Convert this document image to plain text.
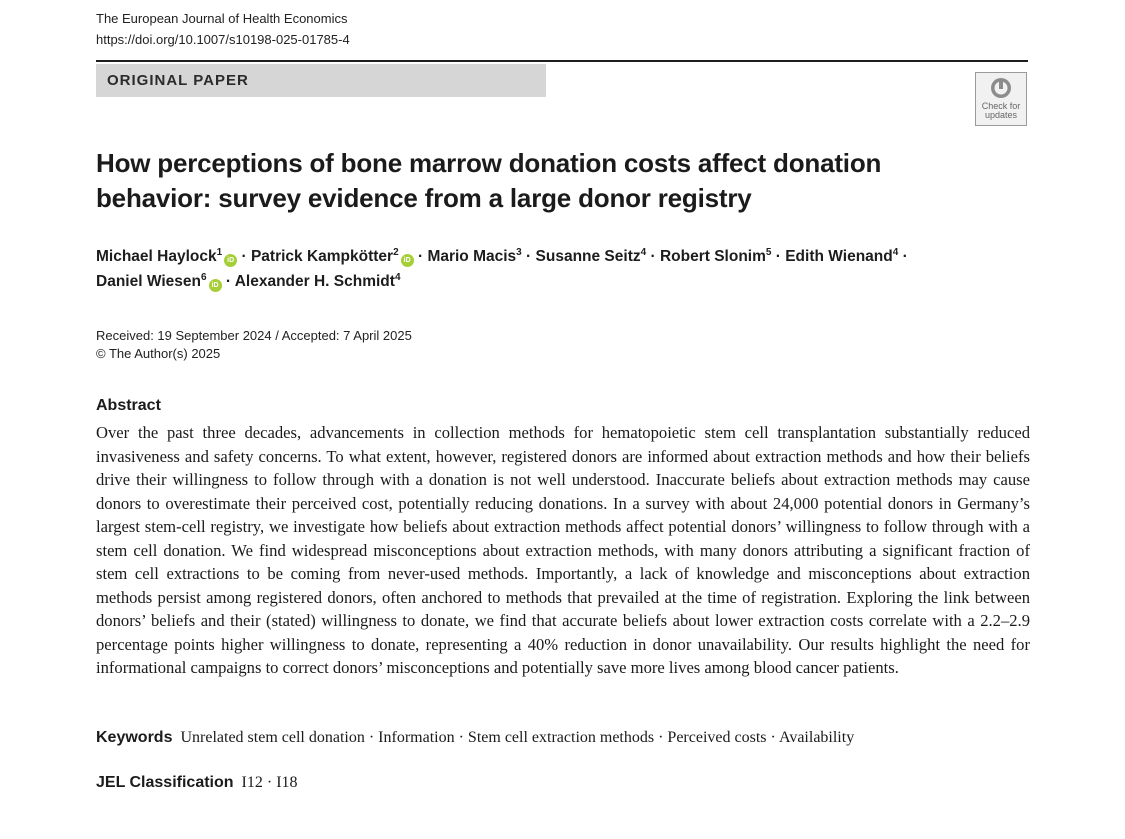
The European Journal of Health Economics
https://doi.org/10.1007/s10198-025-01785-4
ORIGINAL PAPER
Check for
updates
How perceptions of bone marrow donation costs affect donation behavior: survey evidence from a large donor registry
Michael Haylock$^1$iD · Patrick Kampkötter$^2$iD · Mario Macis$^3$ · Susanne Seitz$^4$ · Robert Slonim$^5$ · Edith Wienand$^4$ ·
Daniel Wiesen$^6$iD · Alexander H. Schmidt$^4$
Received: 19 September 2024 / Accepted: 7 April 2025
© The Author(s) 2025
Abstract
Over the past three decades, advancements in collection methods for hematopoietic stem cell transplantation substantially reduced invasiveness and safety concerns. To what extent, however, registered donors are informed about extraction methods and how their beliefs drive their willingness to follow through with a donation is not well understood. Inaccurate beliefs about extraction methods may cause donors to overestimate their perceived cost, potentially reducing donations. In a survey with about 24,000 potential donors in Germany’s largest stem-cell registry, we investigate how beliefs about extraction methods affect potential donors’ willingness to follow through with a stem cell donation. We find widespread misconceptions about extraction methods, with many donors attributing a significant fraction of stem cell extractions to be coming from never-used methods. Importantly, a lack of knowledge and misconceptions about extraction methods persist among registered donors, often anchored to methods that prevailed at the time of registration. Exploring the link between donors’ beliefs and their (stated) willingness to donate, we find that accurate beliefs about lower extraction costs correlate with a 2.2–2.9 percentage points higher willingness to donate, representing a 40% reduction in donor unavailability. Our results highlight the need for informational campaigns to correct donors’ misconceptions and potentially save more lives among blood cancer patients.
Keywords Unrelated stem cell donation · Information · Stem cell extraction methods · Perceived costs · Availability
JEL Classification I12 · I18
